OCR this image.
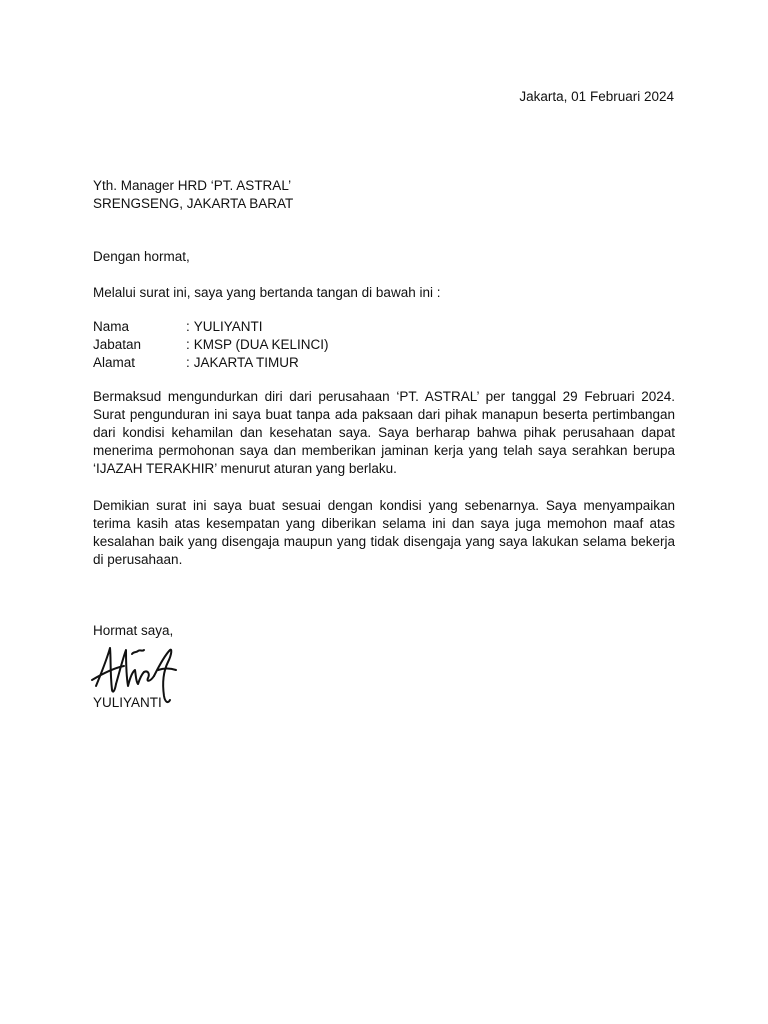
Jakarta, 01 Februari 2024
Yth. Manager HRD ‘PT. ASTRAL’
SRENGSENG, JAKARTA BARAT
Dengan hormat,
Melalui surat ini, saya yang bertanda tangan di bawah ini :
Nama	: YULIYANTI
Jabatan	: KMSP (DUA KELINCI)
Alamat	: JAKARTA TIMUR
Bermaksud mengundurkan diri dari perusahaan ‘PT. ASTRAL’ per tanggal 29 Februari 2024. Surat pengunduran ini saya buat tanpa ada paksaan dari pihak manapun beserta pertimbangan dari kondisi kehamilan dan kesehatan saya. Saya berharap bahwa pihak perusahaan dapat menerima permohonan saya dan memberikan jaminan kerja yang telah saya serahkan berupa ‘IJAZAH TERAKHIR’ menurut aturan yang berlaku.
Demikian surat ini saya buat sesuai dengan kondisi yang sebenarnya. Saya menyampaikan terima kasih atas kesempatan yang diberikan selama ini dan saya juga memohon maaf atas kesalahan baik yang disengaja maupun yang tidak disengaja yang saya lakukan selama bekerja di perusahaan.
Hormat saya,
YULIYANTI
